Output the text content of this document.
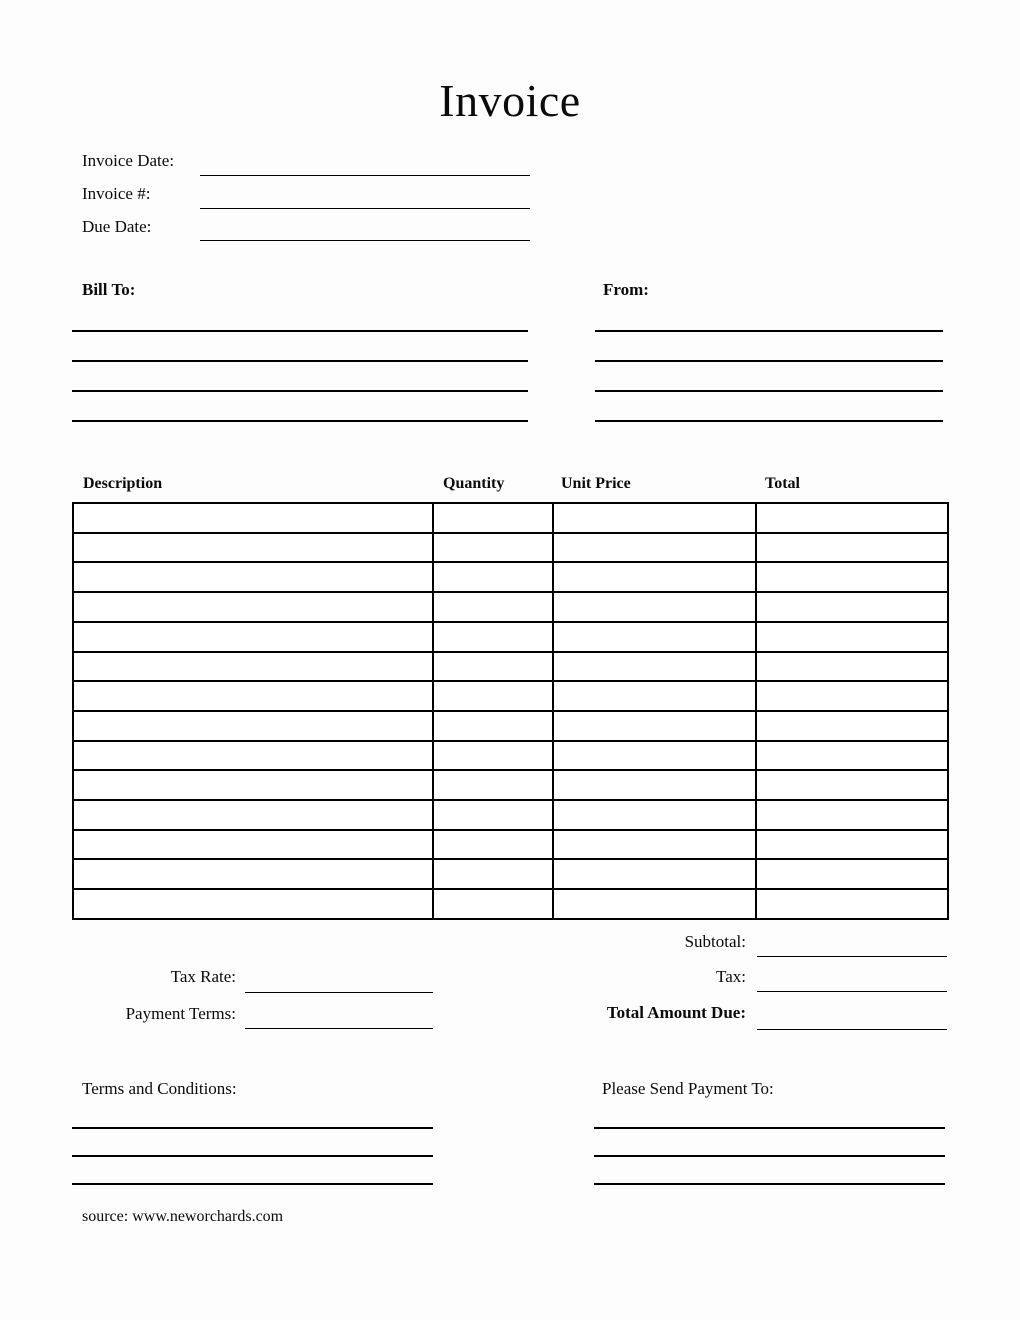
Invoice
Invoice Date:
Invoice #:
Due Date:
Bill To:	From:
Description	Quantity	Unit Price	Total

Subtotal:
Tax:
Total Amount Due:
Tax Rate:
Payment Terms:
Terms and Conditions:	Please Send Payment To:
source: www.neworchards.com
